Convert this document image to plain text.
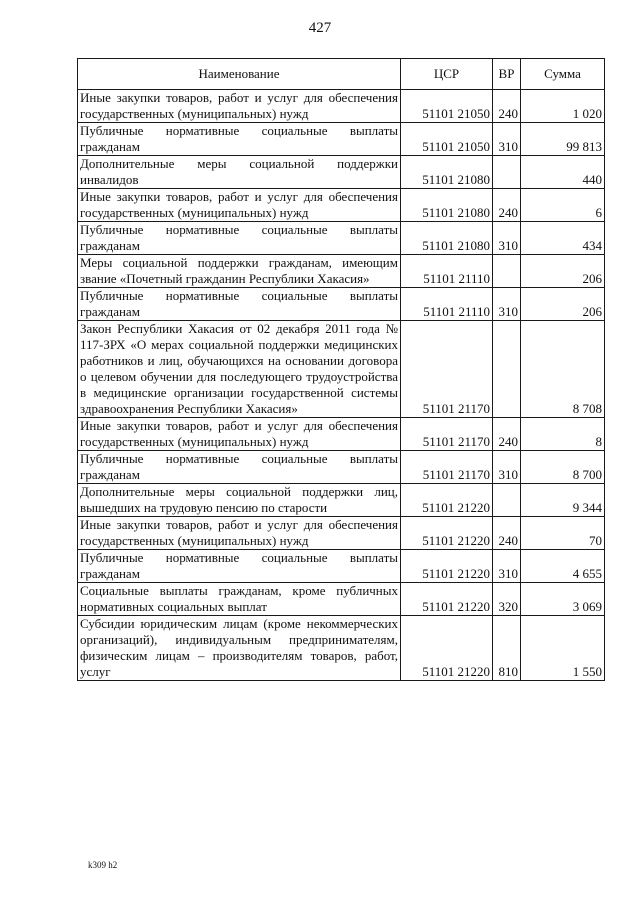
427
Наименование	ЦСР	ВР	Сумма
Иные закупки товаров, работ и услуг для обеспечения государственных (муниципальных) нужд	51101 21050	240	1 020
Публичные нормативные социальные выплаты гражданам	51101 21050	310	99 813
Дополнительные меры социальной поддержки инвалидов	51101 21080		440
Иные закупки товаров, работ и услуг для обеспечения государственных (муниципальных) нужд	51101 21080	240	6
Публичные нормативные социальные выплаты гражданам	51101 21080	310	434
Меры социальной поддержки гражданам, имеющим звание «Почетный гражданин Республики Хакасия»	51101 21110		206
Публичные нормативные социальные выплаты гражданам	51101 21110	310	206
Закон Республики Хакасия от 02 декабря 2011 года № 117-ЗРХ «О мерах социальной поддержки медицинских работников и лиц, обучающихся на основании договора о целевом обучении для последующего трудоустройства в медицинские организации государственной системы здравоохранения Республики Хакасия»	51101 21170		8 708
Иные закупки товаров, работ и услуг для обеспечения государственных (муниципальных) нужд	51101 21170	240	8
Публичные нормативные социальные выплаты гражданам	51101 21170	310	8 700
Дополнительные меры социальной поддержки лиц, вышедших на трудовую пенсию по старости	51101 21220		9 344
Иные закупки товаров, работ и услуг для обеспечения государственных (муниципальных) нужд	51101 21220	240	70
Публичные нормативные социальные выплаты гражданам	51101 21220	310	4 655
Социальные выплаты гражданам, кроме публичных нормативных социальных выплат	51101 21220	320	3 069
Субсидии юридическим лицам (кроме некоммерческих организаций), индивидуальным предпринимателям, физическим лицам – производителям товаров, работ, услуг	51101 21220	810	1 550
k309 h2
